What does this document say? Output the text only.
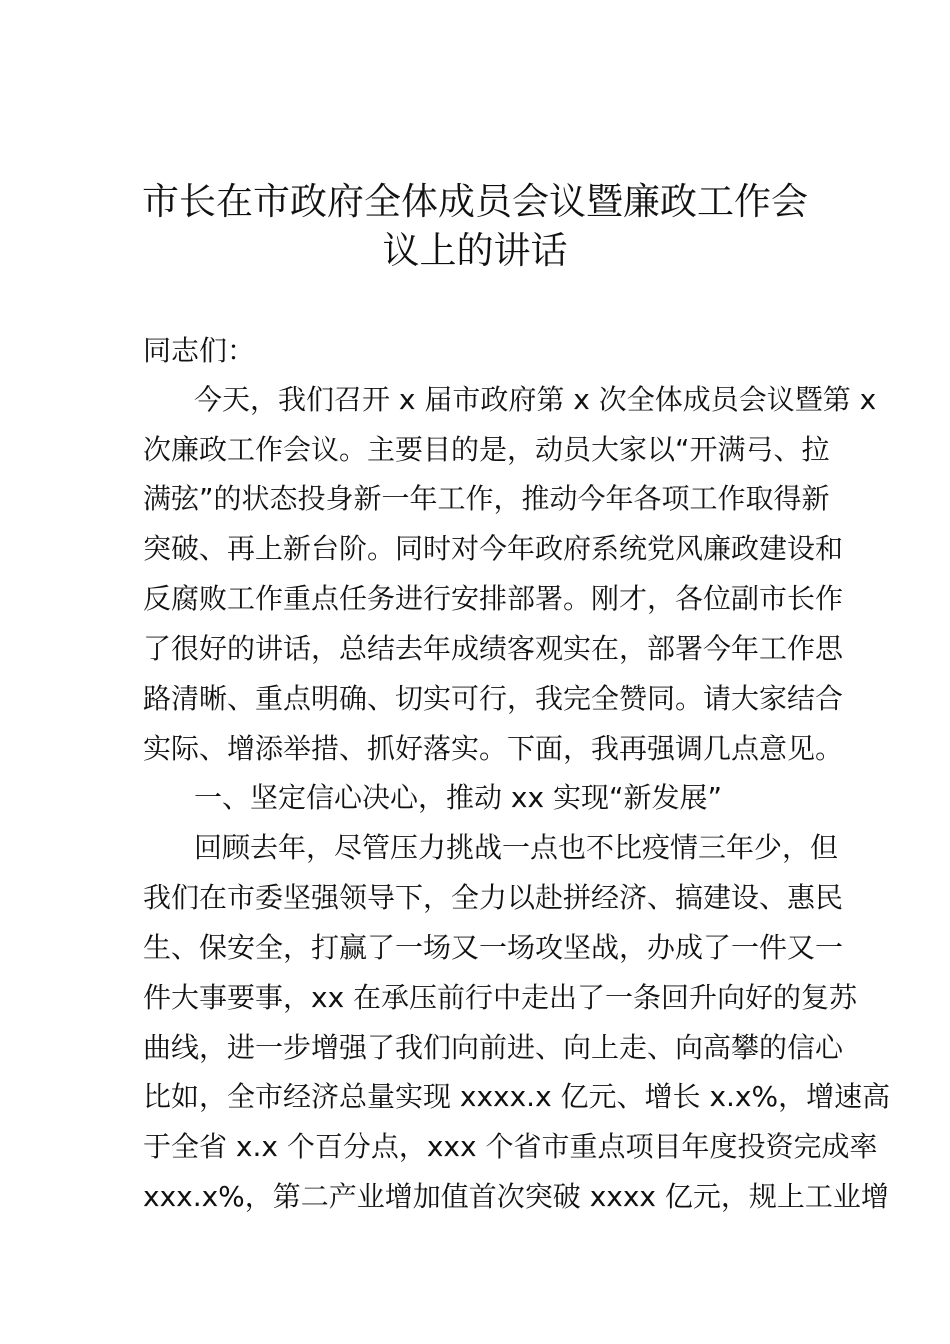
市长在市政府全体成员会议暨廉政工作会
议上的讲话
同志们：
今天，我们召开 x 届市政府第 x 次全体成员会议暨第 x
次廉政工作会议。主要目的是，动员大家以“开满弓、拉
满弦”的状态投身新一年工作，推动今年各项工作取得新
突破、再上新台阶。同时对今年政府系统党风廉政建设和
反腐败工作重点任务进行安排部署。刚才，各位副市长作
了很好的讲话，总结去年成绩客观实在，部署今年工作思
路清晰、重点明确、切实可行，我完全赞同。请大家结合
实际、增添举措、抓好落实。下面，我再强调几点意见。
一、坚定信心决心，推动 xx 实现“新发展”
回顾去年，尽管压力挑战一点也不比疫情三年少，但
我们在市委坚强领导下，全力以赴拼经济、搞建设、惠民
生、保安全，打赢了一场又一场攻坚战，办成了一件又一
件大事要事，xx 在承压前行中走出了一条回升向好的复苏
曲线，进一步增强了我们向前进、向上走、向高攀的信心
比如，全市经济总量实现 xxxx.x 亿元、增长 x.x%，增速高
于全省 x.x 个百分点，xxx 个省市重点项目年度投资完成率
xxx.x%，第二产业增加值首次突破 xxxx 亿元，规上工业增
